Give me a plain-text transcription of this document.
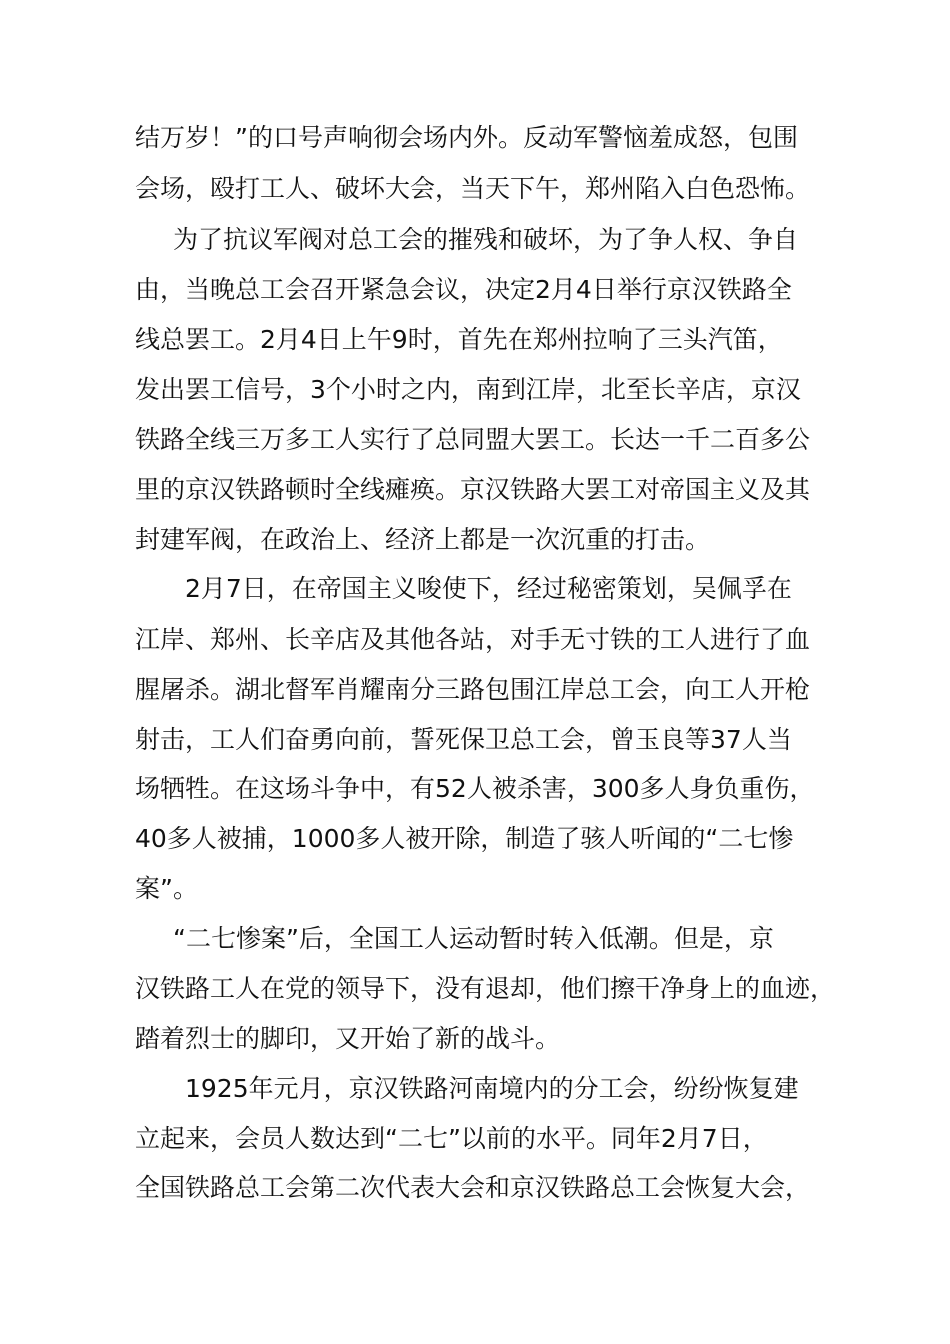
结万岁！”的口号声响彻会场内外。反动军警恼羞成怒，包围
会场，殴打工人、破坏大会，当天下午，郑州陷入白色恐怖。
为了抗议军阀对总工会的摧残和破坏，为了争人权、争自
由，当晚总工会召开紧急会议，决定2月4日举行京汉铁路全
线总罢工。2月4日上午9时，首先在郑州拉响了三头汽笛，
发出罢工信号，3个小时之内，南到江岸，北至长辛店，京汉
铁路全线三万多工人实行了总同盟大罢工。长达一千二百多公
里的京汉铁路顿时全线瘫痪。京汉铁路大罢工对帝国主义及其
封建军阀，在政治上、经济上都是一次沉重的打击。
2月7日，在帝国主义唆使下，经过秘密策划，吴佩孚在
江岸、郑州、长辛店及其他各站，对手无寸铁的工人进行了血
腥屠杀。湖北督军肖耀南分三路包围江岸总工会，向工人开枪
射击，工人们奋勇向前，誓死保卫总工会，曾玉良等37人当
场牺牲。在这场斗争中，有52人被杀害，300多人身负重伤，
40多人被捕，1000多人被开除，制造了骇人听闻的“二七惨
案”。
“二七惨案”后，全国工人运动暂时转入低潮。但是，京
汉铁路工人在党的领导下，没有退却，他们擦干净身上的血迹，
踏着烈士的脚印，又开始了新的战斗。
1925年元月，京汉铁路河南境内的分工会，纷纷恢复建
立起来，会员人数达到“二七”以前的水平。同年2月7日，
全国铁路总工会第二次代表大会和京汉铁路总工会恢复大会，
